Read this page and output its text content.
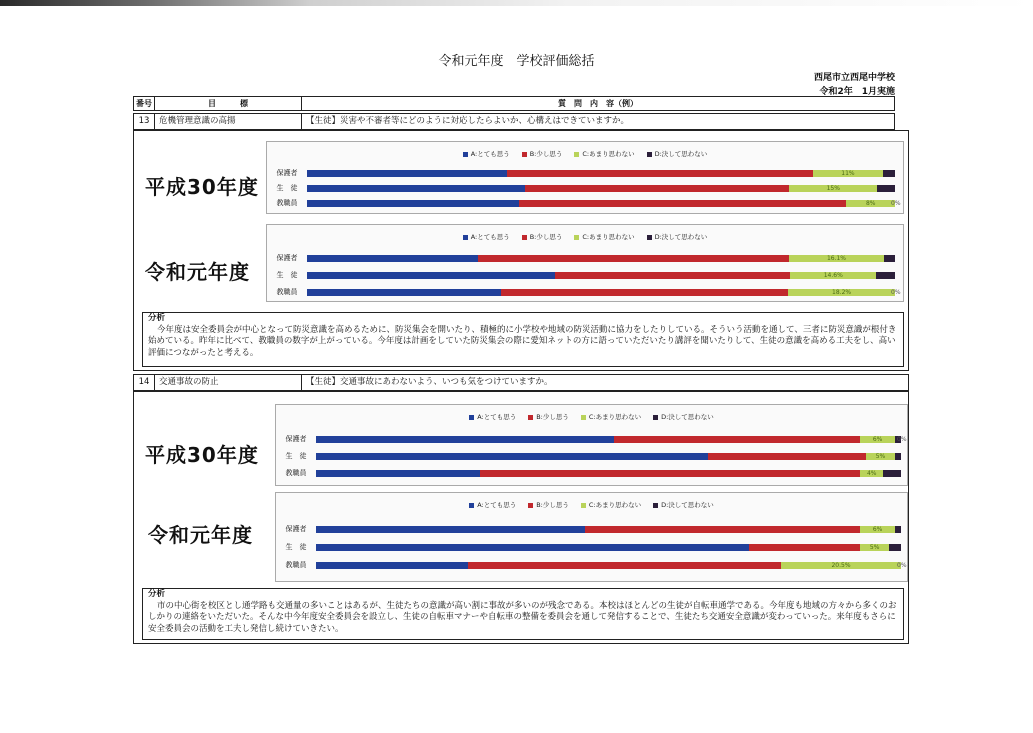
令和元年度　学校評価総括
西尾市立西尾中学校
令和2年　1月実施
番号	目　　　標	質　問　内　容（例）
13	危機管理意識の高揚	【生徒】災害や不審者等にどのように対応したらよいか、心構えはできていますか。
平成30年度
A:とても思う	B:少し思う	C:あまり思わない	D:決して思わない
保護者	11%
生　徒	15%
教職員	8%	0%
令和元年度
A:とても思う	B:少し思う	C:あまり思わない	D:決して思わない
保護者	16.1%
生　徒	14.6%
教職員	18.2%	0%
分析
今年度は安全委員会が中心となって防災意識を高めるために、防災集会を開いたり、積極的に小学校や地域の防災活動に協力をしたりしている。そういう活動を通して、三者に防災意識が根付き始めている。昨年に比べて、教職員の数字が上がっている。今年度は計画をしていた防災集会の際に愛知ネットの方に語っていただいたり講評を聞いたりして、生徒の意識を高める工夫をし、高い評価につながったと考える。
14	交通事故の防止	【生徒】交通事故にあわないよう、いつも気をつけていますか。
平成30年度
A:とても思う	B:少し思う	C:あまり思わない	D:決して思わない
保護者	6%	0%
生　徒	5%
教職員	4%
令和元年度
A:とても思う	B:少し思う	C:あまり思わない	D:決して思わない
保護者	6%
生　徒	5%
教職員	20.5%	0%
分析
市の中心街を校区とし通学路も交通量の多いことはあるが、生徒たちの意識が高い割に事故が多いのが残念である。本校はほとんどの生徒が自転車通学である。今年度も地域の方々から多くのおしかりの連絡をいただいた。そんな中今年度安全委員会を設立し、生徒の自転車マナーや自転車の整備を委員会を通して発信することで、生徒たち交通安全意識が変わっていった。来年度もさらに安全委員会の活動を工夫し発信し続けていきたい。
